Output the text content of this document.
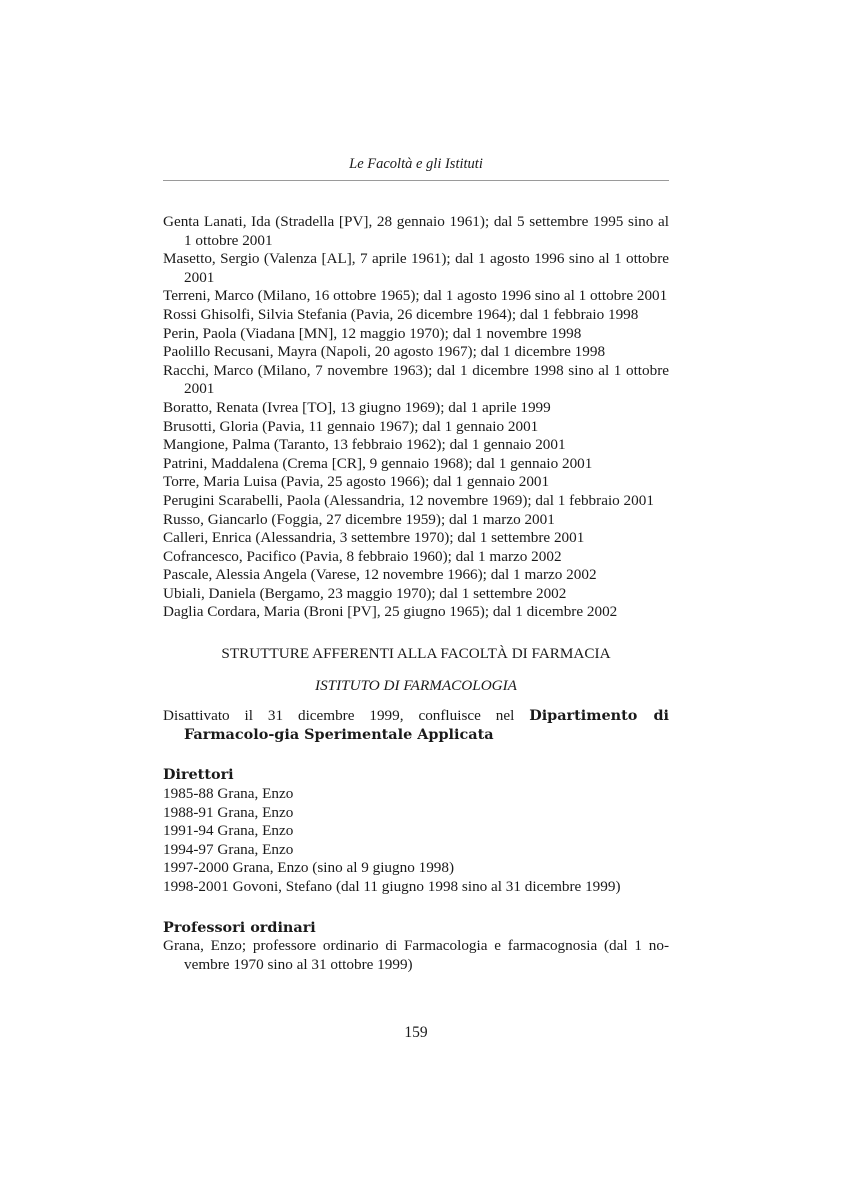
Le Facoltà e gli Istituti
Genta Lanati, Ida (Stradella [PV], 28 gennaio 1961); dal 5 settembre 1995 sino al 1 ottobre 2001
Masetto, Sergio (Valenza [AL], 7 aprile 1961); dal 1 agosto 1996 sino al 1 ottobre 2001
Terreni, Marco (Milano, 16 ottobre 1965); dal 1 agosto 1996 sino al 1 ottobre 2001
Rossi Ghisolfi, Silvia Stefania (Pavia, 26 dicembre 1964); dal 1 febbraio 1998
Perin, Paola (Viadana [MN], 12 maggio 1970); dal 1 novembre 1998
Paolillo Recusani, Mayra (Napoli, 20 agosto 1967); dal 1 dicembre 1998
Racchi, Marco (Milano, 7 novembre 1963); dal 1 dicembre 1998 sino al 1 ottobre 2001
Boratto, Renata (Ivrea [TO], 13 giugno 1969); dal 1 aprile 1999
Brusotti, Gloria (Pavia, 11 gennaio 1967); dal 1 gennaio 2001
Mangione, Palma (Taranto, 13 febbraio 1962); dal 1 gennaio 2001
Patrini, Maddalena (Crema [CR], 9 gennaio 1968); dal 1 gennaio 2001
Torre, Maria Luisa (Pavia, 25 agosto 1966); dal 1 gennaio 2001
Perugini Scarabelli, Paola (Alessandria, 12 novembre 1969); dal 1 febbraio 2001
Russo, Giancarlo (Foggia, 27 dicembre 1959); dal 1 marzo 2001
Calleri, Enrica (Alessandria, 3 settembre 1970); dal 1 settembre 2001
Cofrancesco, Pacifico (Pavia, 8 febbraio 1960); dal 1 marzo 2002
Pascale, Alessia Angela (Varese, 12 novembre 1966); dal 1 marzo 2002
Ubiali, Daniela (Bergamo, 23 maggio 1970); dal 1 settembre 2002
Daglia Cordara, Maria (Broni [PV], 25 giugno 1965); dal 1 dicembre 2002
STRUTTURE AFFERENTI ALLA FACOLTÀ DI FARMACIA
ISTITUTO DI FARMACOLOGIA
Disattivato il 31 dicembre 1999, confluisce nel Dipartimento di Farmacolo-gia Sperimentale Applicata
Direttori
1985-88 Grana, Enzo
1988-91 Grana, Enzo
1991-94 Grana, Enzo
1994-97 Grana, Enzo
1997-2000 Grana, Enzo (sino al 9 giugno 1998)
1998-2001 Govoni, Stefano (dal 11 giugno 1998 sino al 31 dicembre 1999)
Professori ordinari
Grana, Enzo; professore ordinario di Farmacologia e farmacognosia (dal 1 no-vembre 1970 sino al 31 ottobre 1999)
159
